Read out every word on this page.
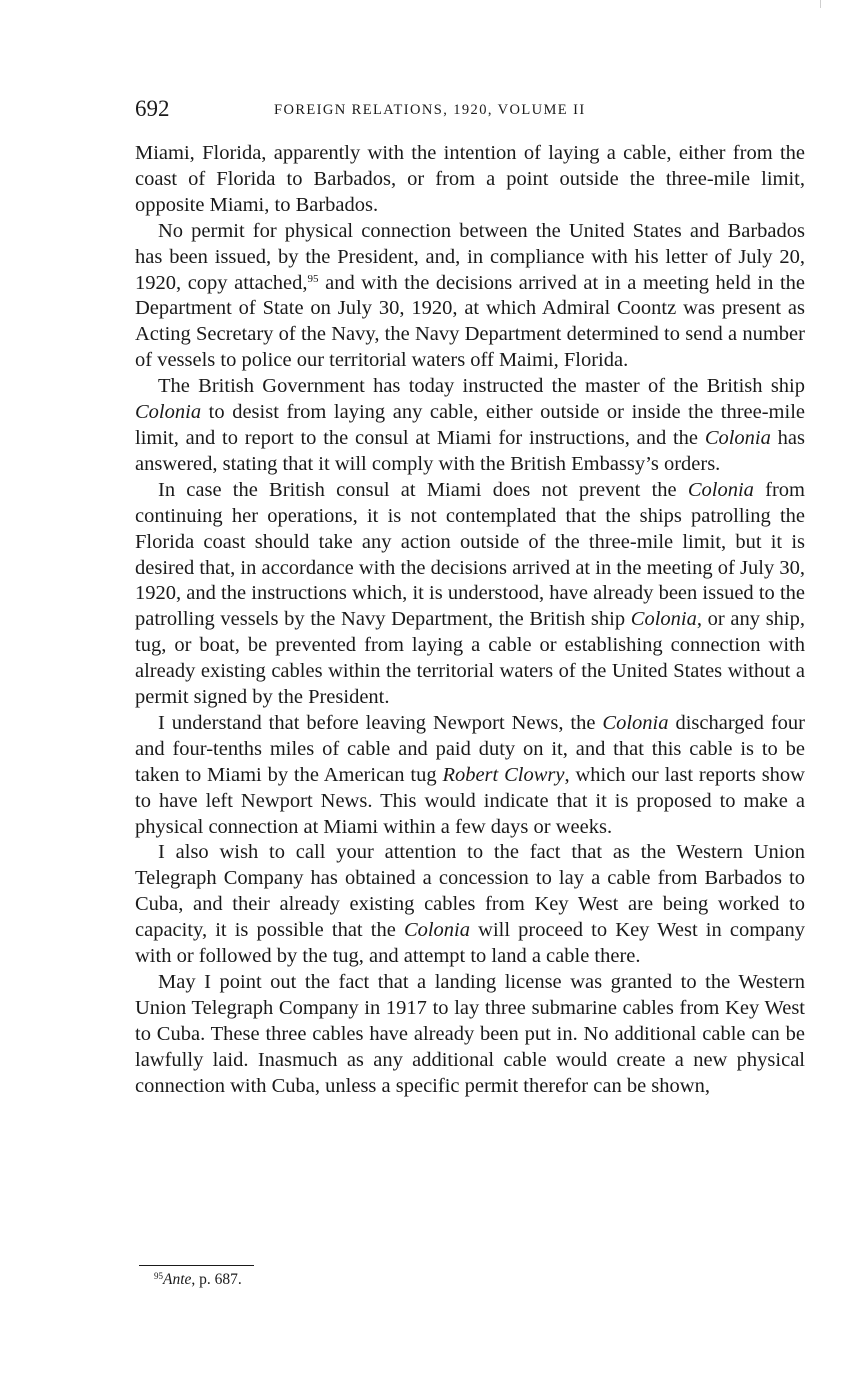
692	FOREIGN RELATIONS, 1920, VOLUME II

Miami, Florida, apparently with the intention of laying a cable, either from the coast of Florida to Barbados, or from a point outside the three-mile limit, opposite Miami, to Barbados.

No permit for physical connection between the United States and Barbados has been issued, by the President, and, in compliance with his letter of July 20, 1920, copy attached,$^{95}$ and with the decisions arrived at in a meeting held in the Department of State on July 30, 1920, at which Admiral Coontz was present as Acting Secretary of the Navy, the Navy Department determined to send a number of vessels to police our territorial waters off Maimi, Florida.

The British Government has today instructed the master of the British ship Colonia to desist from laying any cable, either outside or inside the three-mile limit, and to report to the consul at Miami for instructions, and the Colonia has answered, stating that it will comply with the British Embassy’s orders.

In case the British consul at Miami does not prevent the Colonia from continuing her operations, it is not contemplated that the ships patrolling the Florida coast should take any action outside of the three-mile limit, but it is desired that, in accordance with the decisions arrived at in the meeting of July 30, 1920, and the instructions which, it is understood, have already been issued to the patrolling vessels by the Navy Department, the British ship Colonia, or any ship, tug, or boat, be prevented from laying a cable or establishing connection with already existing cables within the territorial waters of the United States without a permit signed by the President.

I understand that before leaving Newport News, the Colonia discharged four and four-tenths miles of cable and paid duty on it, and that this cable is to be taken to Miami by the American tug Robert Clowry, which our last reports show to have left Newport News. This would indicate that it is proposed to make a physical connection at Miami within a few days or weeks.

I also wish to call your attention to the fact that as the Western Union Telegraph Company has obtained a concession to lay a cable from Barbados to Cuba, and their already existing cables from Key West are being worked to capacity, it is possible that the Colonia will proceed to Key West in company with or followed by the tug, and attempt to land a cable there.

May I point out the fact that a landing license was granted to the Western Union Telegraph Company in 1917 to lay three submarine cables from Key West to Cuba. These three cables have already been put in. No additional cable can be lawfully laid. Inasmuch as any additional cable would create a new physical connection with Cuba, unless a specific permit therefor can be shown,

$^{95}$Ante, p. 687.
